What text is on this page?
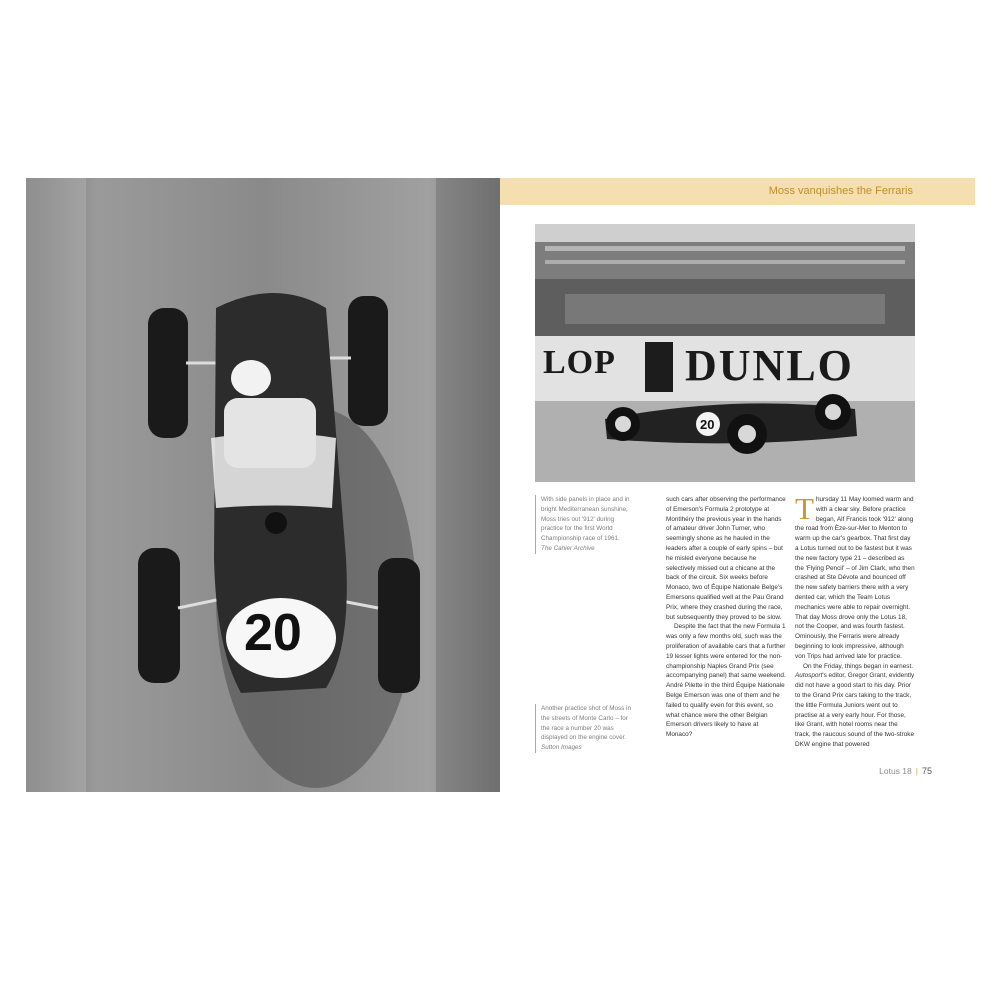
20
Moss vanquishes the Ferraris
LOP DUNLO
20
With side panels in place and in bright Mediterranean sunshine, Moss tries out '912' during practice for the first World Championship race of 1961.
The Cahier Archive
Another practice shot of Moss in the streets of Monte Carlo – for the race a number 20 was displayed on the engine cover.
Sutton Images

such cars after observing the performance of Emerson's Formula 2 prototype at Montlhéry the previous year in the hands of amateur driver John Turner, who seemingly shone as he hauled in the leaders after a couple of early spins – but he misled everyone because he selectively missed out a chicane at the back of the circuit. Six weeks before Monaco, two of Équipe Nationale Belge's Emersons qualified well at the Pau Grand Prix, where they crashed during the race, but subsequently they proved to be slow.

Despite the fact that the new Formula 1 was only a few months old, such was the proliferation of available cars that a further 19 lesser lights were entered for the non-championship Naples Grand Prix (see accompanying panel) that same weekend. André Pilette in the third Équipe Nationale Belge Emerson was one of them and he failed to qualify even for this event, so what chance were the other Belgian Emerson drivers likely to have at Monaco?

Thursday 11 May loomed warm and with a clear sky. Before practice began, Alf Francis took '912' along the road from Èze-sur-Mer to Menton to warm up the car's gearbox. That first day a Lotus turned out to be fastest but it was the new factory type 21 – described as the 'Flying Pencil' – of Jim Clark, who then crashed at Ste Dévote and bounced off the new safety barriers there with a very dented car, which the Team Lotus mechanics were able to repair overnight. That day Moss drove only the Lotus 18, not the Cooper, and was fourth fastest. Ominously, the Ferraris were already beginning to look impressive, although von Trips had arrived late for practice.

On the Friday, things began in earnest. Autosport's editor, Gregor Grant, evidently did not have a good start to his day. Prior to the Grand Prix cars taking to the track, the little Formula Juniors went out to practise at a very early hour. For those, like Grant, with hotel rooms near the track, the raucous sound of the two-stroke DKW engine that powered

Lotus 18 | 75
